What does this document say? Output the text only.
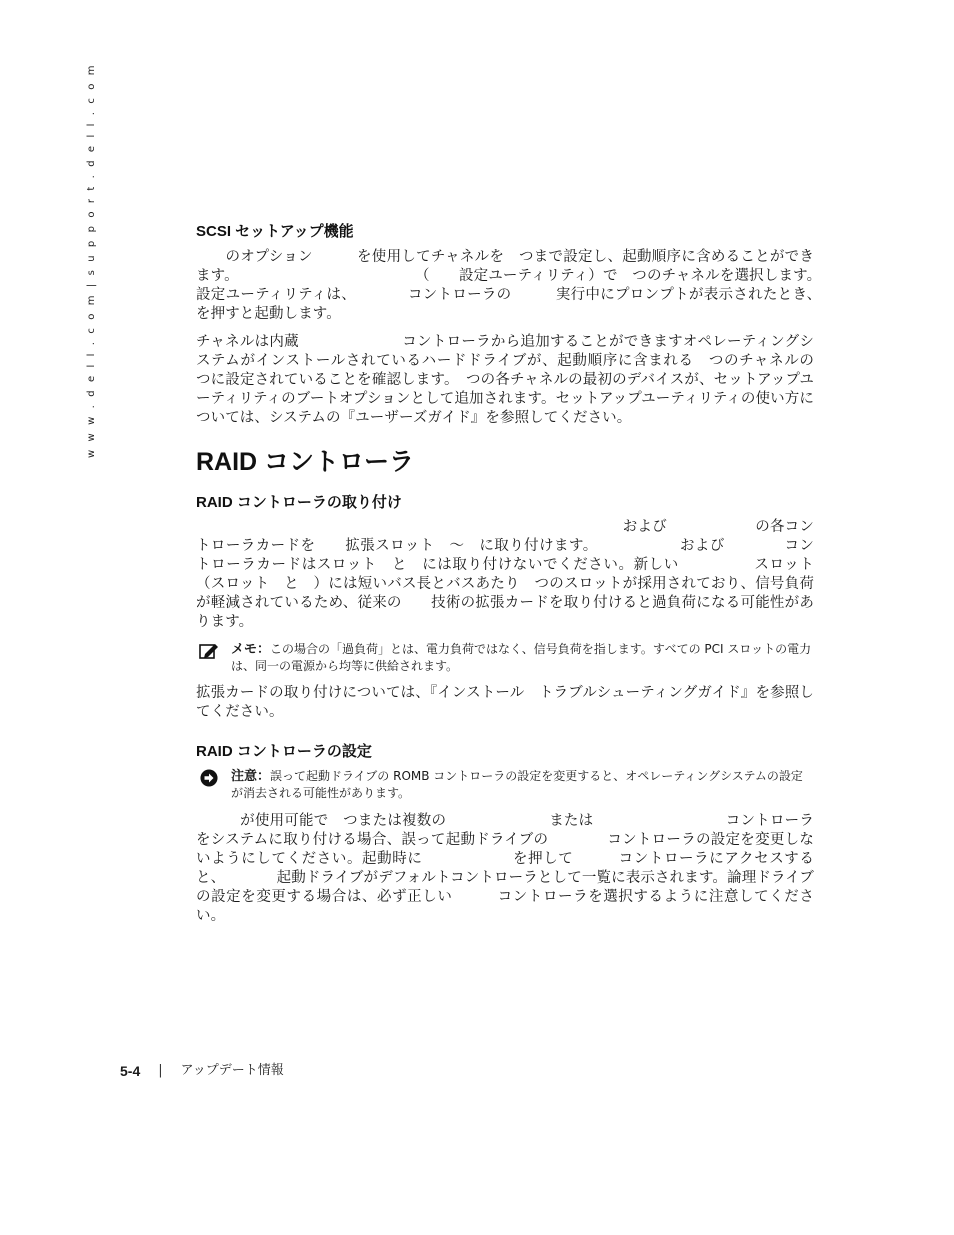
w w w . d e l l . c o m | s u p p o r t . d e l l . c o m	SCSI セットアップ機能

　　のオプション　　　を使用してチャネルを　つまで設定し、起動順序に含めることができます。　　　　　　　　　　　　　（　　設定ユーティリティ）で　つのチャネルを選択します。　　設定ユーティリティは、　　　　コントローラの　　　実行中にプロンプトが表示されたとき、　　　　　を押すと起動します。

チャネルは内蔵　　　　　　　コントローラから追加することができますオペレーティングシステムがインストールされているハードドライブが、起動順序に含まれる　つのチャネルの　つに設定されていることを確認します。　つの各チャネルの最初のデバイスが、セットアップユーティリティのブートオプションとして追加されます。セットアップユーティリティの使い方については、システムの『ユーザーズガイド』を参照してください。

RAID コントローラ
RAID コントローラの取り付け

　　　　　　　　　　　　　　　　　　　　　　　　　　　　　および　　　　　　の各コントローラカードを　　拡張スロット　～　に取り付けます。　　　　　　および　　　　コントローラカードはスロット　と　には取り付けないでください。新しい　　　　　スロット（スロット　と　）には短いバス長とバスあたり　つのスロットが採用されており、信号負荷が軽減されているため、従来の　　技術の拡張カードを取り付けると過負荷になる可能性があります。

メモ：この場合の「過負荷」とは、電力負荷ではなく、信号負荷を指します。すべての PCI スロットの電力は、同一の電源から均等に供給されます。

拡張カードの取り付けについては、『インストール　トラブルシューティングガイド』を参照してください。

RAID コントローラの設定
注意：誤って起動ドライブの ROMB コントローラの設定を変更すると、オペレーティングシステムの設定が消去される可能性があります。

　　　が使用可能で　つまたは複数の　　　　　　　または　　　　　　　　　コントローラをシステムに取り付ける場合、誤って起動ドライブの　　　　コントローラの設定を変更しないようにしてください。起動時に　　　　　　を押して　　　コントローラにアクセスすると、　　　　起動ドライブがデフォルトコントローラとして一覧に表示されます。論理ドライブの設定を変更する場合は、必ず正しい　　　コントローラを選択するように注意してください。

5-4 | アップデート情報
